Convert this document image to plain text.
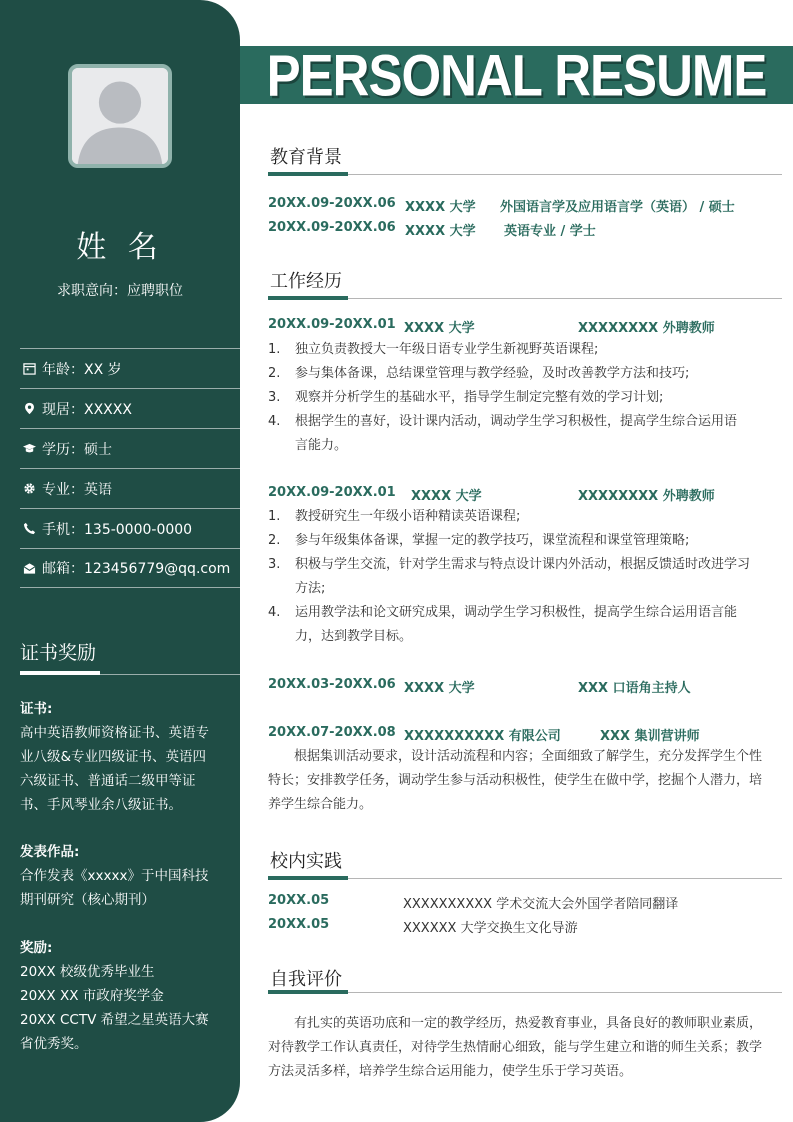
姓 名
求职意向：应聘职位
年龄：XX 岁
现居：XXXXX
学历：硕士
专业：英语
手机：135-0000-0000
邮箱：123456779@qq.com
证书奖励
证书:
高中英语教师资格证书、英语专
业八级&专业四级证书、英语四
六级证书、普通话二级甲等证
书、手风琴业余八级证书。
发表作品:
合作发表《xxxxx》于中国科技
期刊研究（核心期刊）
奖励:
20XX 校级优秀毕业生
20XX XX 市政府奖学金
20XX CCTV 希望之星英语大赛
省优秀奖。
PERSONAL RESUME
教育背景
20XX.09-20XX.06 XXXX 大学 外国语言学及应用语言学（英语） / 硕士
20XX.09-20XX.06 XXXX 大学 英语专业 / 学士
工作经历
20XX.09-20XX.01 XXXX 大学	XXXXXXXX 外聘教师
1.	独立负责教授大一年级日语专业学生新视野英语课程;
2.	参与集体备课，总结课堂管理与教学经验，及时改善教学方法和技巧;
3.	观察并分析学生的基础水平，指导学生制定完整有效的学习计划;
4.	根据学生的喜好，设计课内活动，调动学生学习积极性，提高学生综合运用语
言能力。
20XX.09-20XX.01 XXXX 大学	XXXXXXXX 外聘教师
1.	教授研究生一年级小语种精读英语课程;
2.	参与年级集体备课，掌握一定的教学技巧，课堂流程和课堂管理策略;
3.	积极与学生交流，针对学生需求与特点设计课内外活动，根据反馈适时改进学习
方法;
4.	运用教学法和论文研究成果，调动学生学习积极性，提高学生综合运用语言能
力，达到教学目标。
20XX.03-20XX.06 XXXX 大学	XXX 口语角主持人
20XX.07-20XX.08 XXXXXXXXXX 有限公司	XXX 集训营讲师
根据集训活动要求，设计活动流程和内容；全面细致了解学生，充分发挥学生个性特长；安排教学任务，调动学生参与活动积极性，使学生在做中学，挖掘个人潜力，培养学生综合能力。
校内实践
20XX.05	XXXXXXXXXX 学术交流大会外国学者陪同翻译
20XX.05	XXXXXX 大学交换生文化导游
自我评价
有扎实的英语功底和一定的教学经历，热爱教育事业，具备良好的教师职业素质，对待教学工作认真责任，对待学生热情耐心细致，能与学生建立和谐的师生关系；教学方法灵活多样，培养学生综合运用能力，使学生乐于学习英语。
